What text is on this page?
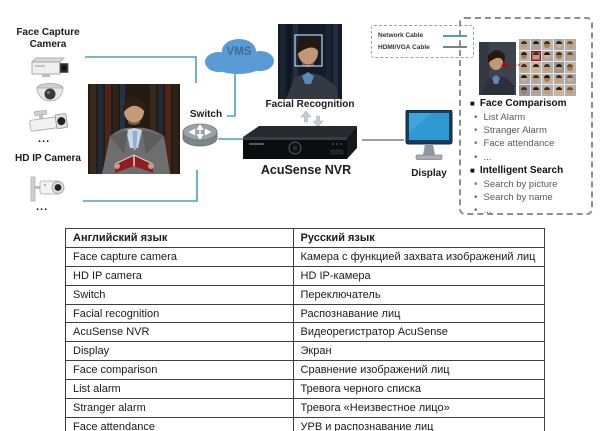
Face Capture Camera
...
HD IP Camera
...
VMS
Switch
Facial Recognition
AcuSense NVR	Display
Network Cable
HDMI/VGA Cable
■ Face Comparisom
• List Alarm
• Stranger Alarm
• Face attendance
• ...
■ Intelligent Search
• Search by picture
• Search by name
• ...
Английский язык	Русский язык
Face capture camera	Камера с функцией захвата изображений лиц
HD IP camera	HD IP-камера
Switch	Переключатель
Facial recognition	Распознавание лиц
AcuSense NVR	Видеорегистратор AcuSense
Display	Экран
Face comparison	Сравнение изображений лиц
List alarm	Тревога черного списка
Stranger alarm	Тревога «Неизвестное лицо»
Face attendance	УРВ и распознавание лиц
